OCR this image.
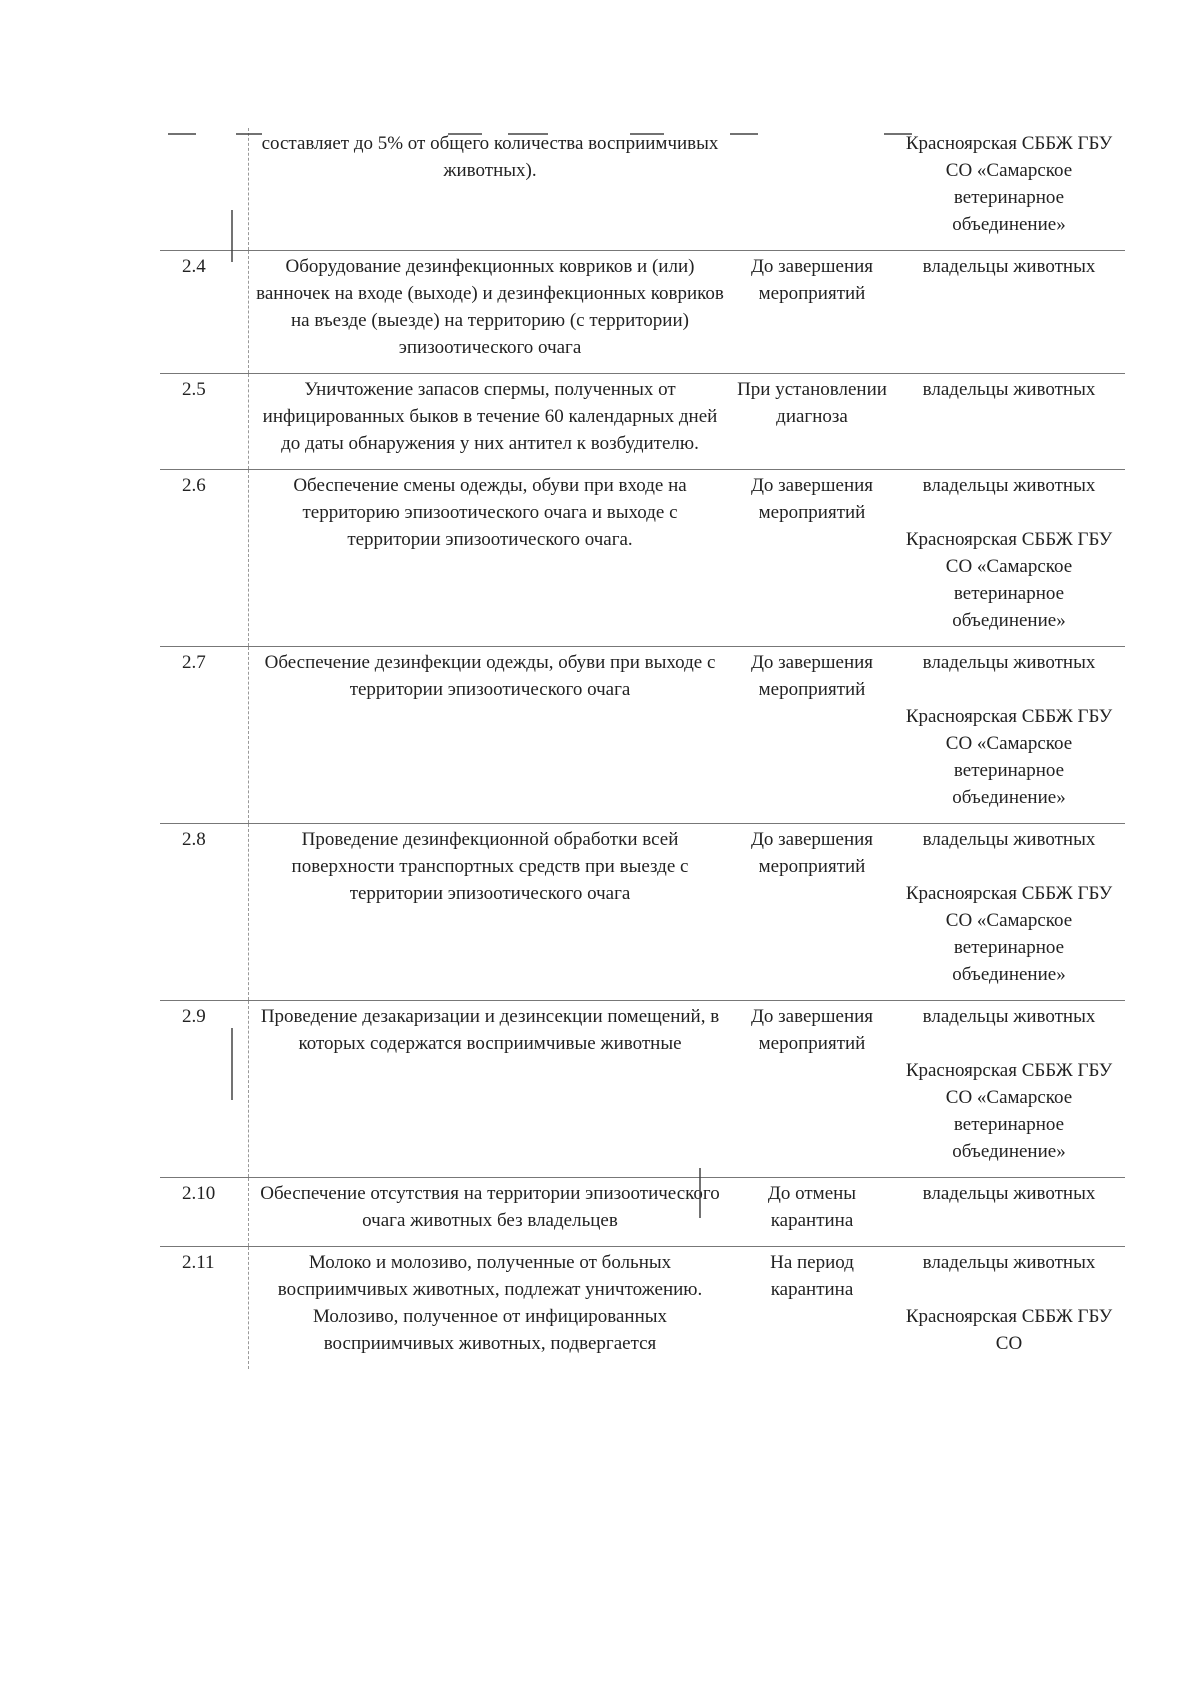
	составляет до 5% от общего количества восприимчивых животных).		Красноярская СББЖ ГБУ СО «Самарское ветеринарное объединение»

2.4	Оборудование дезинфекционных ковриков и (или) ванночек на входе (выходе) и дезинфекционных ковриков на въезде (выезде) на территорию (с территории) эпизоотического очага	До завершения мероприятий	владельцы животных

2.5	Уничтожение запасов спермы, полученных от инфицированных быков в течение 60 календарных дней до даты обнаружения у них антител к возбудителю.	При установлении диагноза	владельцы животных

2.6	Обеспечение смены одежды, обуви при входе на территорию эпизоотического очага и выходе с территории эпизоотического очага.	До завершения мероприятий	владельцы животных
Красноярская СББЖ ГБУ СО «Самарское ветеринарное объединение»

2.7	Обеспечение дезинфекции одежды, обуви при выходе с территории эпизоотического очага	До завершения мероприятий	владельцы животных
Красноярская СББЖ ГБУ СО «Самарское ветеринарное объединение»

2.8	Проведение дезинфекционной обработки всей поверхности транспортных средств при выезде с территории эпизоотического очага	До завершения мероприятий	владельцы животных
Красноярская СББЖ ГБУ СО «Самарское ветеринарное объединение»

2.9	Проведение дезакаризации и дезинсекции помещений, в которых содержатся восприимчивые животные	До завершения мероприятий	владельцы животных
Красноярская СББЖ ГБУ СО «Самарское ветеринарное объединение»

2.10	Обеспечение отсутствия на территории эпизоотического очага животных без владельцев	До отмены карантина	владельцы животных

2.11	Молоко и молозиво, полученные от больных восприимчивых животных, подлежат уничтожению. Молозиво, полученное от инфицированных восприимчивых животных, подвергается	На период карантина	владельцы животных
Красноярская СББЖ ГБУ СО
